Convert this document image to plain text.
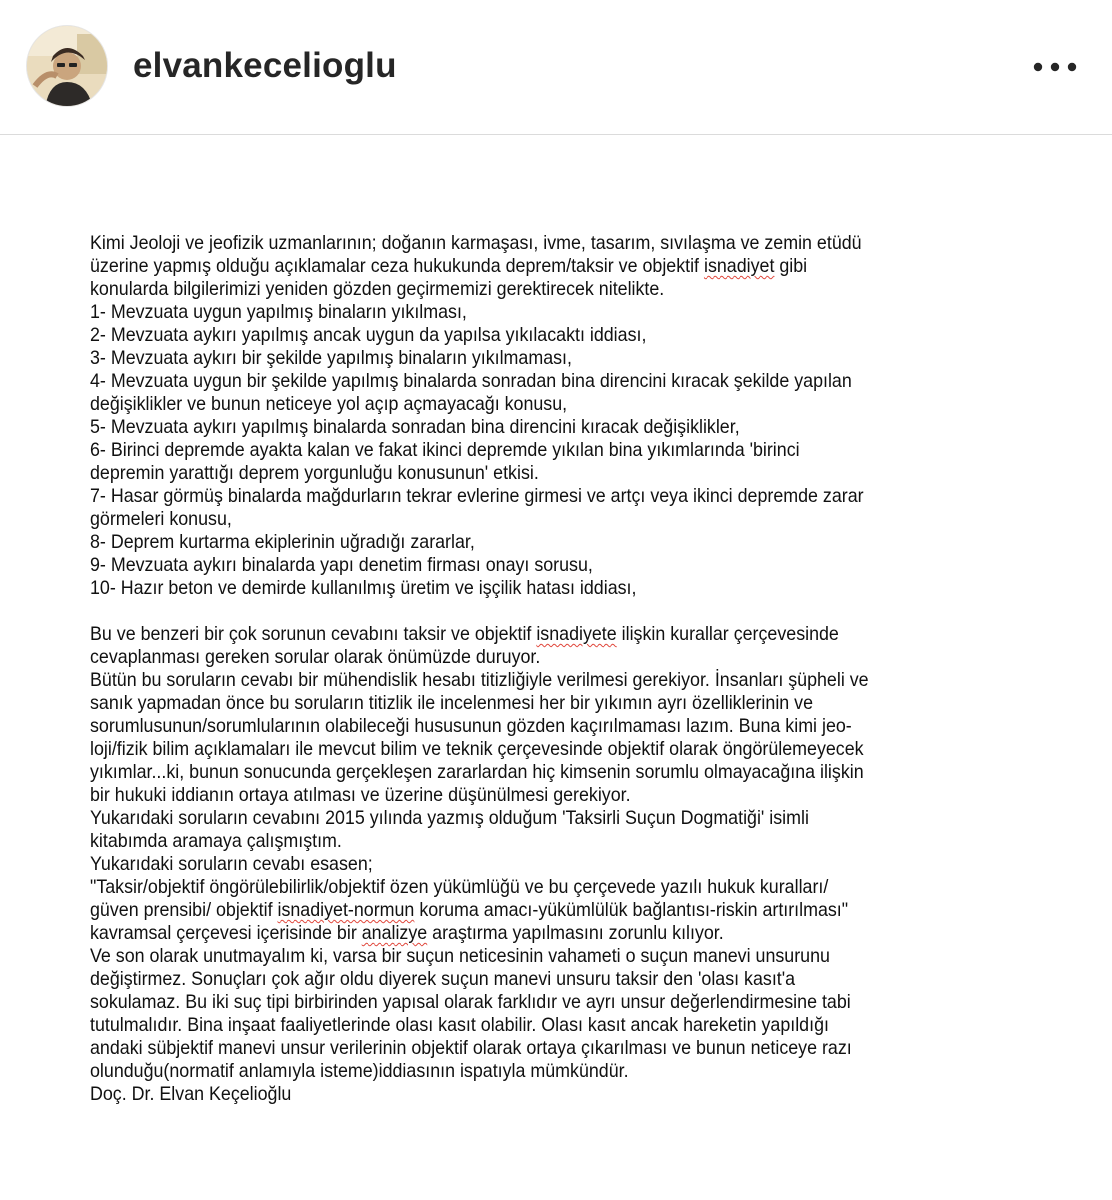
elvankecelioglu
Kimi Jeoloji ve jeofizik uzmanlarının; doğanın karmaşası, ivme, tasarım, sıvılaşma ve zemin etüdü
üzerine yapmış olduğu açıklamalar ceza hukukunda deprem/taksir ve objektif isnadiyet gibi
konularda bilgilerimizi yeniden gözden geçirmemizi gerektirecek nitelikte.
1- Mevzuata uygun yapılmış binaların yıkılması,
2- Mevzuata aykırı yapılmış ancak uygun da yapılsa yıkılacaktı iddiası,
3- Mevzuata aykırı bir şekilde yapılmış binaların yıkılmaması,
4- Mevzuata uygun bir şekilde yapılmış binalarda sonradan bina direncini kıracak şekilde yapılan
değişiklikler ve bunun neticeye yol açıp açmayacağı konusu,
5- Mevzuata aykırı yapılmış binalarda sonradan bina direncini kıracak değişiklikler,
6- Birinci depremde ayakta kalan ve fakat ikinci depremde yıkılan bina yıkımlarında 'birinci
depremin yarattığı deprem yorgunluğu konusunun' etkisi.
7- Hasar görmüş binalarda mağdurların tekrar evlerine girmesi ve artçı veya ikinci depremde zarar
görmeleri konusu,
8- Deprem kurtarma ekiplerinin uğradığı zararlar,
9- Mevzuata aykırı binalarda yapı denetim firması onayı sorusu,
10- Hazır beton ve demirde kullanılmış üretim ve işçilik hatası iddiası,
Bu ve benzeri bir çok sorunun cevabını taksir ve objektif isnadiyete ilişkin kurallar çerçevesinde
cevaplanması gereken sorular olarak önümüzde duruyor.
Bütün bu soruların cevabı bir mühendislik hesabı titizliğiyle verilmesi gerekiyor. İnsanları şüpheli ve
sanık yapmadan önce bu soruların titizlik ile incelenmesi her bir yıkımın ayrı özelliklerinin ve
sorumlusunun/sorumlularının olabileceği hususunun gözden kaçırılmaması lazım. Buna kimi jeo-
loji/fizik bilim açıklamaları ile mevcut bilim ve teknik çerçevesinde objektif olarak öngörülemeyecek
yıkımlar...ki, bunun sonucunda gerçekleşen zararlardan hiç kimsenin sorumlu olmayacağına ilişkin
bir hukuki iddianın ortaya atılması ve üzerine düşünülmesi gerekiyor.
Yukarıdaki soruların cevabını 2015 yılında yazmış olduğum 'Taksirli Suçun Dogmatiği' isimli
kitabımda aramaya çalışmıştım.
Yukarıdaki soruların cevabı esasen;
"Taksir/objektif öngörülebilirlik/objektif özen yükümlüğü ve bu çerçevede yazılı hukuk kuralları/
güven prensibi/ objektif isnadiyet-normun koruma amacı-yükümlülük bağlantısı-riskin artırılması"
kavramsal çerçevesi içerisinde bir analizye araştırma yapılmasını zorunlu kılıyor.
Ve son olarak unutmayalım ki, varsa bir suçun neticesinin vahameti o suçun manevi unsurunu
değiştirmez. Sonuçları çok ağır oldu diyerek suçun manevi unsuru taksir den 'olası kasıt'a
sokulamaz. Bu iki suç tipi birbirinden yapısal olarak farklıdır ve ayrı unsur değerlendirmesine tabi
tutulmalıdır. Bina inşaat faaliyetlerinde olası kasıt olabilir. Olası kasıt ancak hareketin yapıldığı
andaki sübjektif manevi unsur verilerinin objektif olarak ortaya çıkarılması ve bunun neticeye razı
olunduğu(normatif anlamıyla isteme)iddiasının ispatıyla mümkündür.
Doç. Dr. Elvan Keçelioğlu
